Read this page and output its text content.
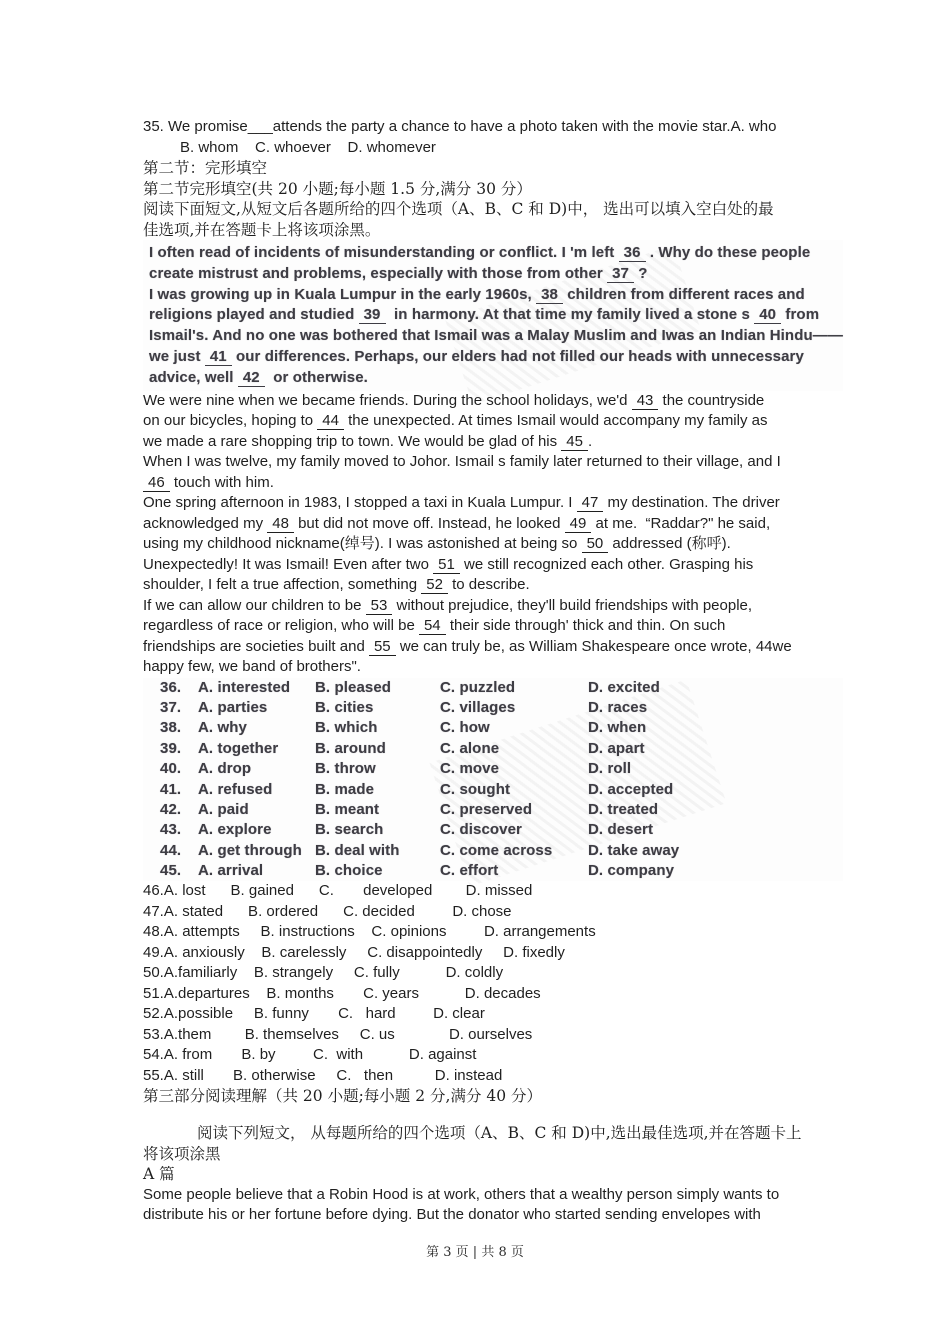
35. We promise___attends the party a chance to have a photo taken with the movie star.A. who
B. whom    C. whoever    D. whomever
第二节：完形填空
第二节完形填空(共 20 小题;每小题 1.5 分,满分 30 分）
阅读下面短文,从短文后各题所给的四个选项（A、B、C 和 D)中， 选出可以填入空白处的最
佳选项,并在答题卡上将该项涂黑。
I often read of incidents of misunderstanding or conflict. I 'm left 36 . Why do these people
create mistrust and problems, especially with those from other 37 ?
I was growing up in Kuala Lumpur in the early 1960s, 38 children from different races and
religions played and studied 39  in harmony. At that time my family lived a stone s 40 from
Ismail's. And no one was bothered that Ismail was a Malay Muslim and Iwas an Indian Hindu——
we just 41 our differences. Perhaps, our elders had not filled our heads with unnecessary
advice, well 42  or otherwise.
We were nine when we became friends. During the school holidays, we'd 43 the countryside
on our bicycles, hoping to 44 the unexpected. At times Ismail would accompany my family as
we made a rare shopping trip to town. We would be glad of his 45 .
When I was twelve, my family moved to Johor. Ismail s family later returned to their village, and I
46 touch with him.
One spring afternoon in 1983, I stopped a taxi in Kuala Lumpur. I 47 my destination. The driver
acknowledged my 48 but did not move off. Instead, he looked 49 at me.  “Raddar?" he said,
using my childhood nickname(绰号). I was astonished at being so 50 addressed (称呼).
Unexpectedly! It was Ismail! Even after two 51 we still recognized each other. Grasping his
shoulder, I felt a true affection, something 52 to describe.
If we can allow our children to be 53 without prejudice, they'll build friendships with people,
regardless of race or religion, who will be 54 their side through' thick and thin. On such
friendships are societies built and 55 we can truly be, as William Shakespeare once wrote, 44we
happy few, we band of brothers".
36.	A. interested	B. pleased	C. puzzled	D. excited
37.	A. parties	B. cities	C. villages	D. races
38.	A. why	B. which	C. how	D. when
39.	A. together	B. around	C. alone	D. apart
40.	A. drop	B. throw	C. move	D. roll
41.	A. refused	B. made	C. sought	D. accepted
42.	A. paid	B. meant	C. preserved	D. treated
43.	A. explore	B. search	C. discover	D. desert
44.	A. get through B. deal with	C. come across	D. take away
45.	A. arrival	B. choice	C. effort	D. company
46.A. lost      B. gained      C.       developed        D. missed
47.A. stated      B. ordered      C. decided         D. chose
48.A. attempts     B. instructions    C. opinions         D. arrangements
49.A. anxiously    B. carelessly     C. disappointedly     D. fixedly
50.A.familiarly    B. strangely     C. fully           D. coldly
51.A.departures    B. months       C. years           D. decades
52.A.possible     B. funny       C.   hard         D. clear
53.A.them        B. themselves     C. us             D. ourselves
54.A. from       B. by         C.  with           D. against
55.A. still       B. otherwise     C.   then          D. instead
第三部分阅读理解（共 20 小题;每小题 2 分,满分 40 分）
阅读下列短文， 从每题所给的四个选项（A、B、C 和 D)中,选出最佳选项,并在答题卡上
将该项涂黑
A 篇
Some people believe that a Robin Hood is at work, others that a wealthy person simply wants to
distribute his or her fortune before dying. But the donator who started sending envelopes with
第 3 页 | 共 8 页
